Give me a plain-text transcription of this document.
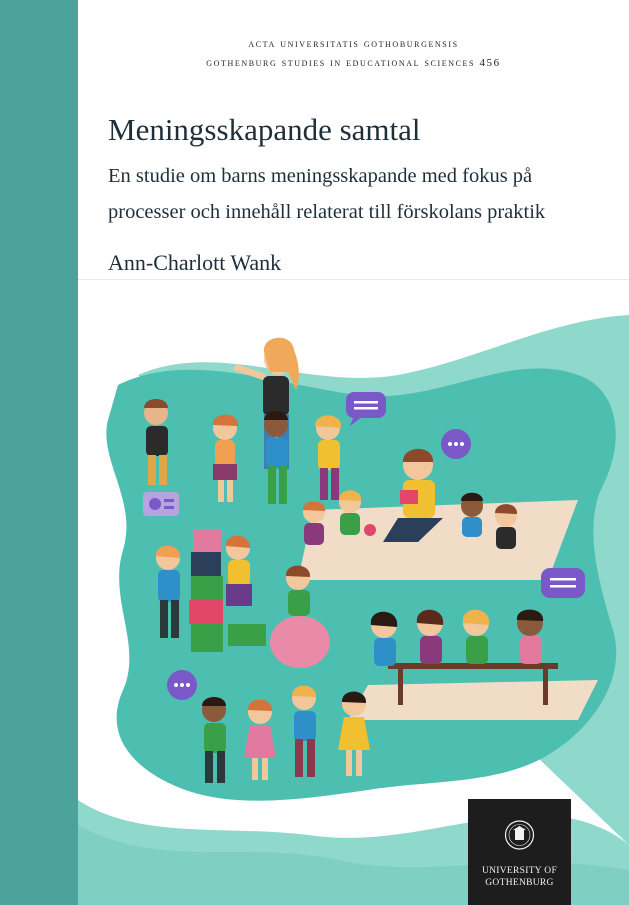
acta universitatis gothoburgensis
gothenburg studies in educational sciences 456
Meningsskapande samtal
En studie om barns meningsskapande med fokus på processer och innehåll relaterat till förskolans praktik
Ann-Charlott Wank
UNIVERSITY OF
GOTHENBURG
